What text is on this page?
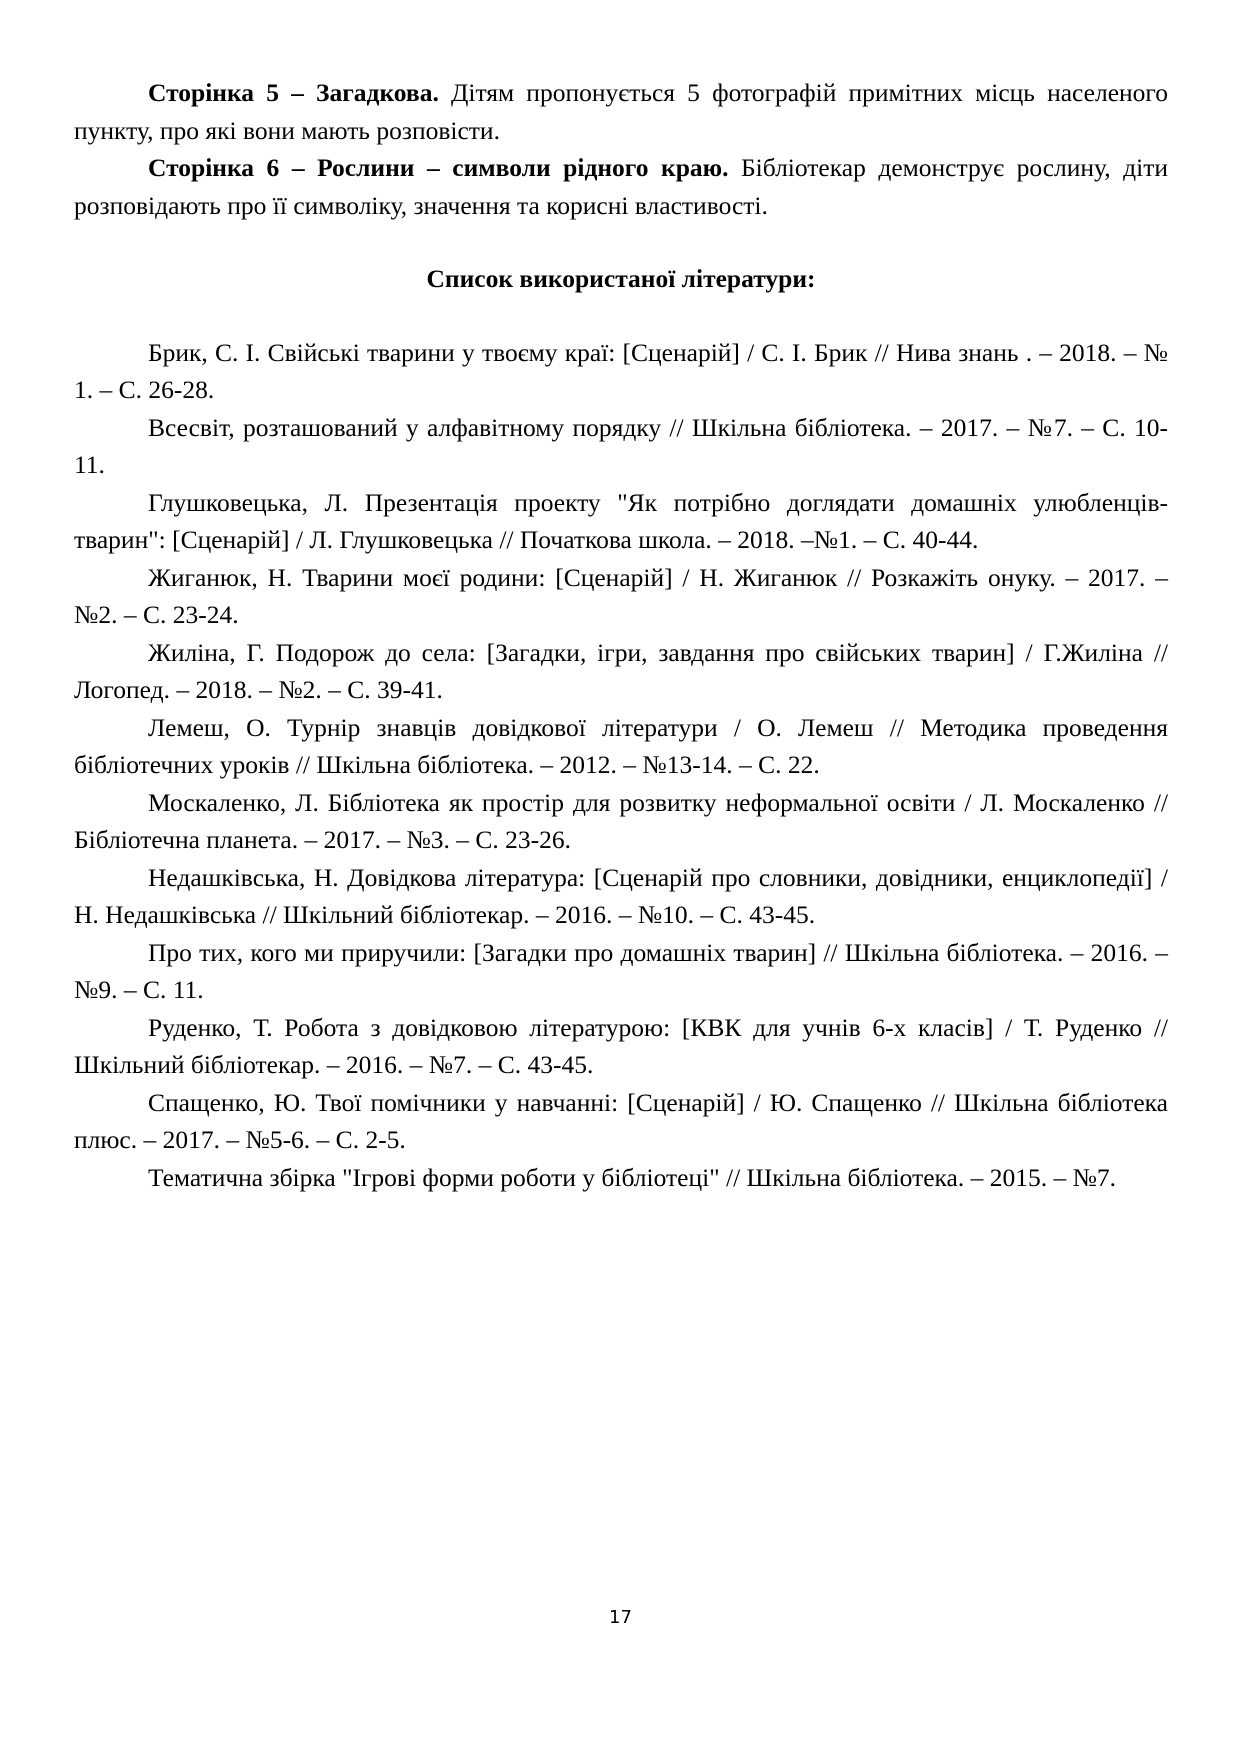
Сторінка 5 – Загадкова. Дітям пропонується 5 фотографій примітних місць населеного пункту, про які вони мають розповісти.

Сторінка 6 – Рослини – символи рідного краю. Бібліотекар демонструє рослину, діти розповідають про її символіку, значення та корисні властивості.

Список використаної літератури:

Брик, С. І. Свійські тварини у твоєму краї: [Сценарій] / С. І. Брик // Нива знань . – 2018. – № 1. – С. 26-28.

Всесвіт, розташований у алфавітному порядку // Шкільна бібліотека. – 2017. – №7. – С. 10-11.

Глушковецька, Л. Презентація проекту "Як потрібно доглядати домашніх улюбленців-тварин": [Сценарій] / Л. Глушковецька // Початкова школа. – 2018. –№1. – С. 40-44.

Жиганюк, Н. Тварини моєї родини: [Сценарій] / Н. Жиганюк // Розкажіть онуку. – 2017. – №2. – С. 23-24.

Жиліна, Г. Подорож до села: [Загадки, ігри, завдання про свійських тварин] / Г.Жиліна // Логопед. – 2018. – №2. – С. 39-41.

Лемеш, О. Турнір знавців довідкової літератури / О. Лемеш // Методика проведення бібліотечних уроків // Шкільна бібліотека. – 2012. – №13-14. – С. 22.

Москаленко, Л. Бібліотека як простір для розвитку неформальної освіти / Л. Москаленко // Бібліотечна планета. – 2017. – №3. – С. 23-26.

Недашківська, Н. Довідкова література: [Сценарій про словники, довідники, енциклопедії] / Н. Недашківська // Шкільний бібліотекар. – 2016. – №10. – С. 43-45.

Про тих, кого ми приручили: [Загадки про домашніх тварин] // Шкільна бібліотека. – 2016. – №9. – С. 11.

Руденко, Т. Робота з довідковою літературою: [КВК для учнів 6-х класів] / Т. Руденко // Шкільний бібліотекар. – 2016. – №7. – С. 43-45.

Спащенко, Ю. Твої помічники у навчанні: [Сценарій] / Ю. Спащенко // Шкільна бібліотека плюс. – 2017. – №5-6. – С. 2-5.

Тематична збірка "Ігрові форми роботи у бібліотеці" // Шкільна бібліотека. – 2015. – №7.

17
